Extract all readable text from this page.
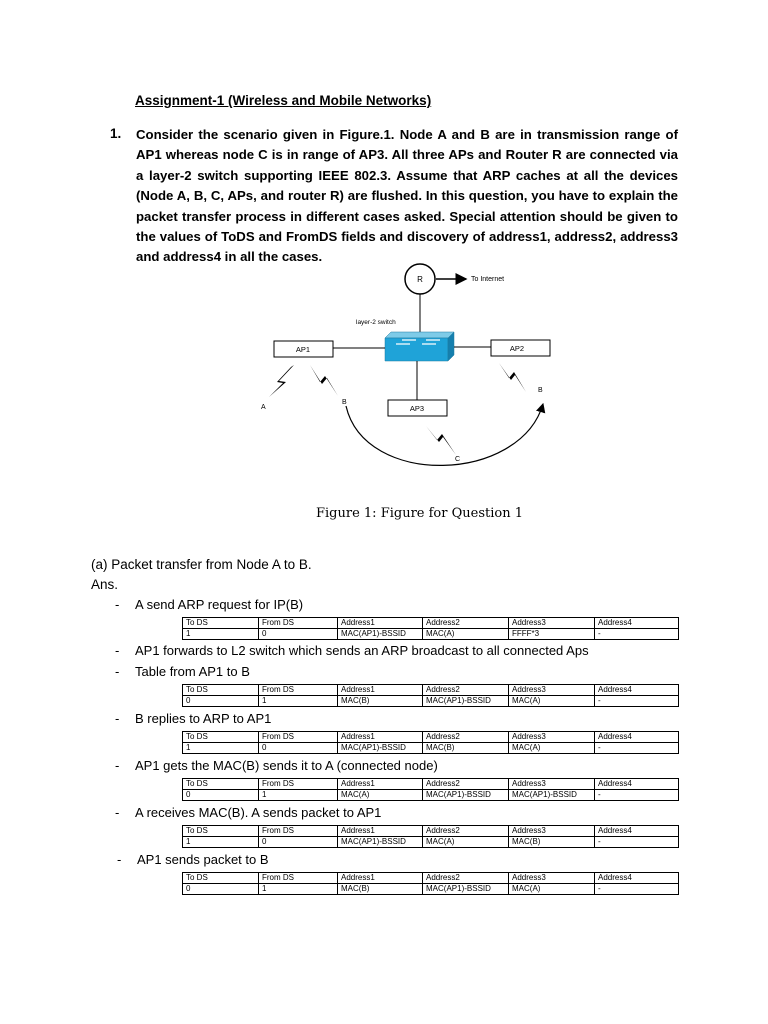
Assignment-1 (Wireless and Mobile Networks)
1. Consider the scenario given in Figure.1. Node A and B are in transmission range of AP1 whereas node C is in range of AP3. All three APs and Router R are connected via a layer-2 switch supporting IEEE 802.3. Assume that ARP caches at all the devices (Node A, B, C, APs, and router R) are flushed. In this question, you have to explain the packet transfer process in different cases asked. Special attention should be given to the values of ToDS and FromDS fields and discovery of address1, address2, address3 and address4 in all the cases.
R	To Internet
layer-2 switch
AP1	AP2
AP3
A
B
B
C
Figure 1: Figure for Question 1
(a) Packet transfer from Node A to B.
Ans.
-	A send ARP request for IP(B)
To DS	From DS	Address1	Address2	Address3	Address4
1	0	MAC(AP1)-BSSID	MAC(A)	FFFF*3	-
-	AP1 forwards to L2 switch which sends an ARP broadcast to all connected Aps
-	Table from AP1 to B
To DS	From DS	Address1	Address2	Address3	Address4
0	1	MAC(B)	MAC(AP1)-BSSID	MAC(A)	-
-	B replies to ARP to AP1
To DS	From DS	Address1	Address2	Address3	Address4
1	0	MAC(AP1)-BSSID	MAC(B)	MAC(A)	-
-	AP1 gets the MAC(B) sends it to A (connected node)
To DS	From DS	Address1	Address2	Address3	Address4
0	1	MAC(A)	MAC(AP1)-BSSID	MAC(AP1)-BSSID	-
-	A receives MAC(B). A sends packet to AP1
To DS	From DS	Address1	Address2	Address3	Address4
1	0	MAC(AP1)-BSSID	MAC(A)	MAC(B)	-
-	AP1 sends packet to B
To DS	From DS	Address1	Address2	Address3	Address4
0	1	MAC(B)	MAC(AP1)-BSSID	MAC(A)	-
